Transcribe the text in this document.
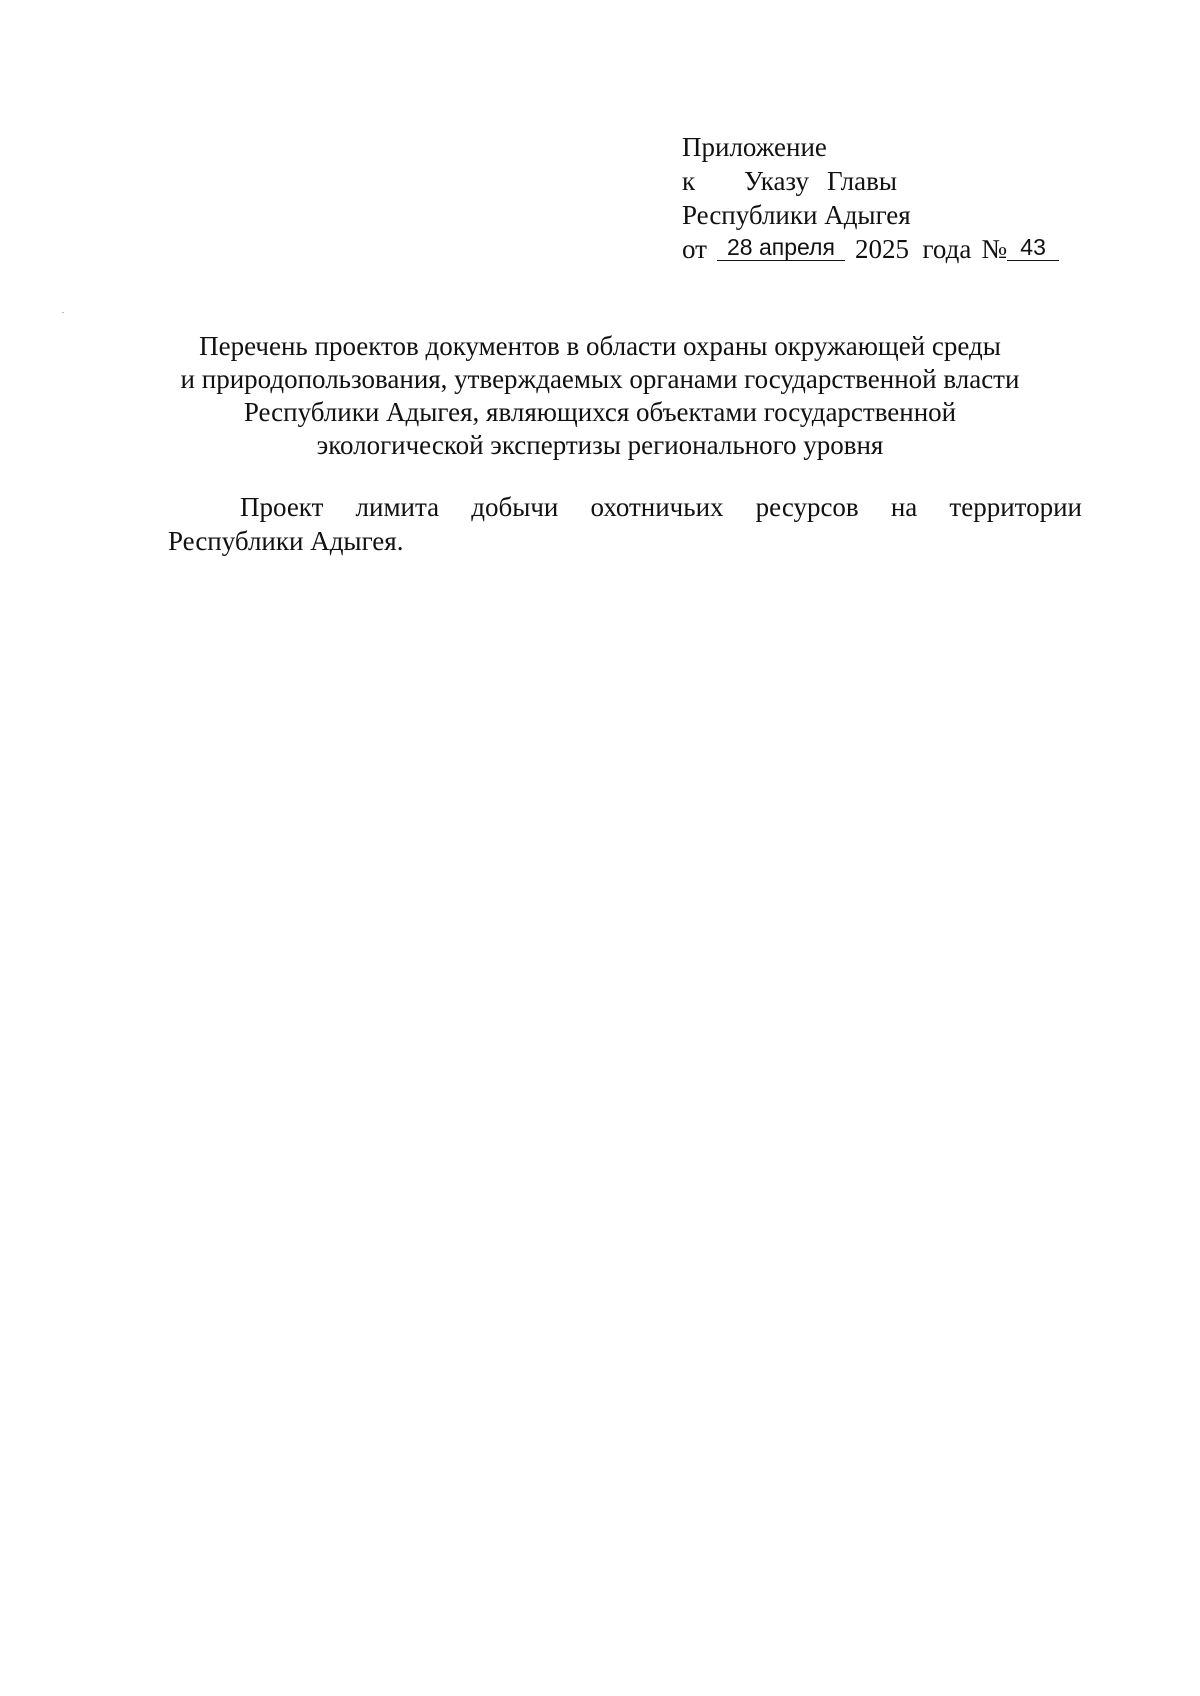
Приложение
к Указу Главы
Республики Адыгея
от 28 апреля 2025  года № 43
Перечень проектов документов в области охраны окружающей среды
и природопользования, утверждаемых органами государственной власти
Республики Адыгея, являющихся объектами государственной
экологической экспертизы регионального уровня
Проект лимита добычи охотничьих ресурсов на территории
Республики Адыгея.
